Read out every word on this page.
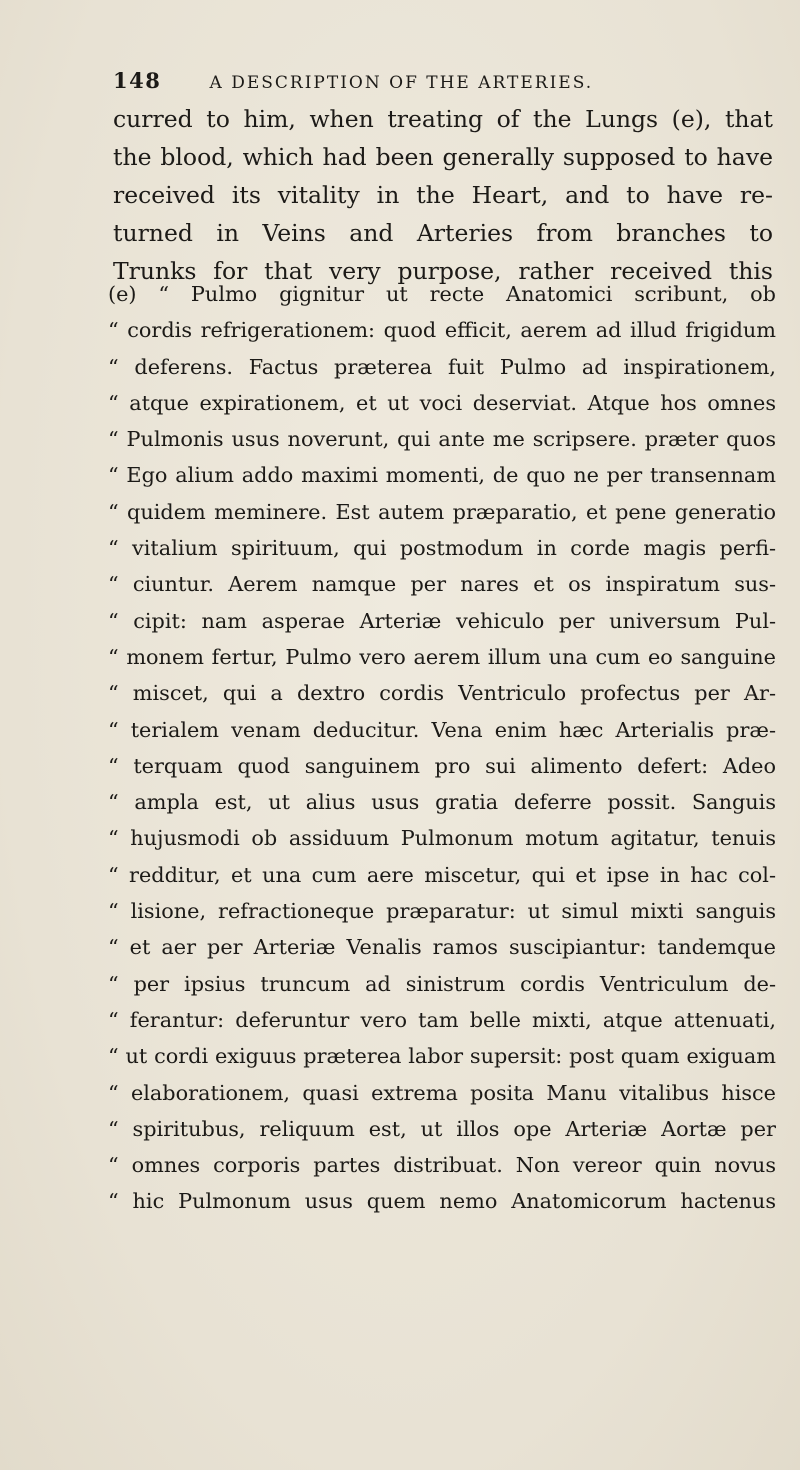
148	A DESCRIPTION OF THE ARTERIES.
curred to him, when treating of the Lungs (e), that
the blood, which had been generally supposed to have
received its vitality in the Heart, and to have re-
turned in Veins and Arteries from branches to
Trunks for that very purpose, rather received this
(e) “ Pulmo gignitur ut recte Anatomici scribunt, ob
“ cordis refrigerationem: quod efficit, aerem ad illud frigidum
“ deferens. Factus præterea fuit Pulmo ad inspirationem,
“ atque expirationem, et ut voci deserviat. Atque hos omnes
“ Pulmonis usus noverunt, qui ante me scripsere. præter quos
“ Ego alium addo maximi momenti, de quo ne per transennam
“ quidem meminere. Est autem præparatio, et pene generatio
“ vitalium spirituum, qui postmodum in corde magis perfi-
“ ciuntur. Aerem namque per nares et os inspiratum sus-
“ cipit: nam asperae Arteriæ vehiculo per universum Pul-
“ monem fertur, Pulmo vero aerem illum una cum eo sanguine
“ miscet, qui a dextro cordis Ventriculo profectus per Ar-
“ terialem venam deducitur. Vena enim hæc Arterialis præ-
“ terquam quod sanguinem pro sui alimento defert: Adeo
“ ampla est, ut alius usus gratia deferre possit. Sanguis
“ hujusmodi ob assiduum Pulmonum motum agitatur, tenuis
“ redditur, et una cum aere miscetur, qui et ipse in hac col-
“ lisione, refractioneque præparatur: ut simul mixti sanguis
“ et aer per Arteriæ Venalis ramos suscipiantur: tandemque
“ per ipsius truncum ad sinistrum cordis Ventriculum de-
“ ferantur: deferuntur vero tam belle mixti, atque attenuati,
“ ut cordi exiguus præterea labor supersit: post quam exiguam
“ elaborationem, quasi extrema posita Manu vitalibus hisce
“ spiritubus, reliquum est, ut illos ope Arteriæ Aortæ per
“ omnes corporis partes distribuat. Non vereor quin novus
“ hic Pulmonum usus quem nemo Anatomicorum hactenus
